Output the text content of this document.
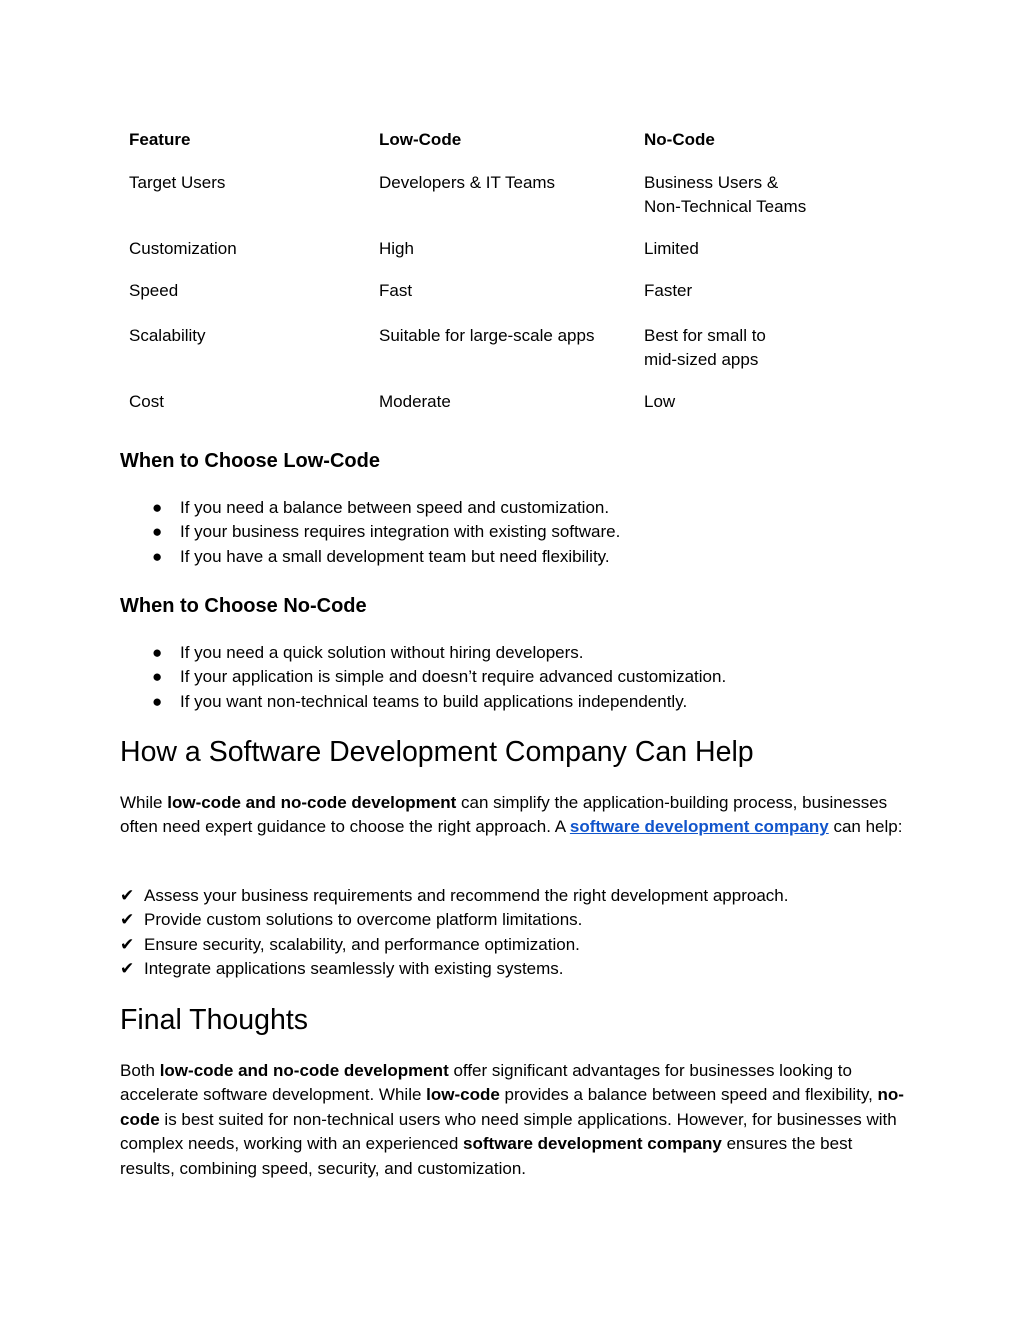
Feature	Low-Code	No-Code
Target Users	Developers & IT Teams	Business Users &
Non-Technical Teams
Customization	High	Limited
Speed	Fast	Faster
Scalability	Suitable for large-scale apps	Best for small to
mid-sized apps
Cost	Moderate	Low
When to Choose Low-Code
● If you need a balance between speed and customization.
● If your business requires integration with existing software.
● If you have a small development team but need flexibility.
When to Choose No-Code
● If you need a quick solution without hiring developers.
● If your application is simple and doesn’t require advanced customization.
● If you want non-technical teams to build applications independently.
How a Software Development Company Can Help

While low-code and no-code development can simplify the application-building process, businesses often need expert guidance to choose the right approach. A software development company can help:

✔ Assess your business requirements and recommend the right development approach.
✔ Provide custom solutions to overcome platform limitations.
✔ Ensure security, scalability, and performance optimization.
✔ Integrate applications seamlessly with existing systems.
Final Thoughts

Both low-code and no-code development offer significant advantages for businesses looking to accelerate software development. While low-code provides a balance between speed and flexibility, no-code is best suited for non-technical users who need simple applications. However, for businesses with complex needs, working with an experienced software development company ensures the best results, combining speed, security, and customization.
